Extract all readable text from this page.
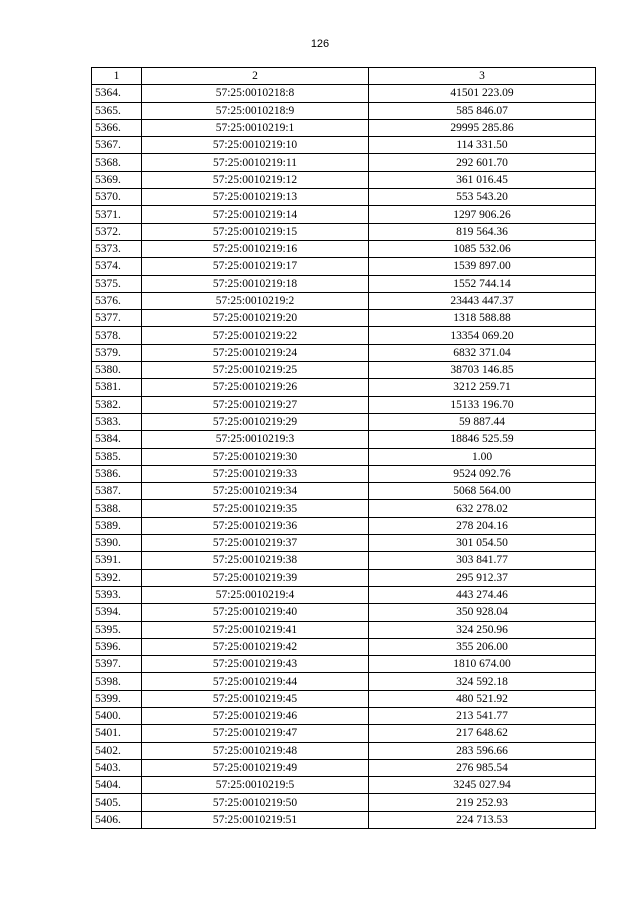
126
1	2	3
5364.	57:25:0010218:8	41501 223.09
5365.	57:25:0010218:9	585 846.07
5366.	57:25:0010219:1	29995 285.86
5367.	57:25:0010219:10	114 331.50
5368.	57:25:0010219:11	292 601.70
5369.	57:25:0010219:12	361 016.45
5370.	57:25:0010219:13	553 543.20
5371.	57:25:0010219:14	1297 906.26
5372.	57:25:0010219:15	819 564.36
5373.	57:25:0010219:16	1085 532.06
5374.	57:25:0010219:17	1539 897.00
5375.	57:25:0010219:18	1552 744.14
5376.	57:25:0010219:2	23443 447.37
5377.	57:25:0010219:20	1318 588.88
5378.	57:25:0010219:22	13354 069.20
5379.	57:25:0010219:24	6832 371.04
5380.	57:25:0010219:25	38703 146.85
5381.	57:25:0010219:26	3212 259.71
5382.	57:25:0010219:27	15133 196.70
5383.	57:25:0010219:29	59 887.44
5384.	57:25:0010219:3	18846 525.59
5385.	57:25:0010219:30	1.00
5386.	57:25:0010219:33	9524 092.76
5387.	57:25:0010219:34	5068 564.00
5388.	57:25:0010219:35	632 278.02
5389.	57:25:0010219:36	278 204.16
5390.	57:25:0010219:37	301 054.50
5391.	57:25:0010219:38	303 841.77
5392.	57:25:0010219:39	295 912.37
5393.	57:25:0010219:4	443 274.46
5394.	57:25:0010219:40	350 928.04
5395.	57:25:0010219:41	324 250.96
5396.	57:25:0010219:42	355 206.00
5397.	57:25:0010219:43	1810 674.00
5398.	57:25:0010219:44	324 592.18
5399.	57:25:0010219:45	480 521.92
5400.	57:25:0010219:46	213 541.77
5401.	57:25:0010219:47	217 648.62
5402.	57:25:0010219:48	283 596.66
5403.	57:25:0010219:49	276 985.54
5404.	57:25:0010219:5	3245 027.94
5405.	57:25:0010219:50	219 252.93
5406.	57:25:0010219:51	224 713.53
